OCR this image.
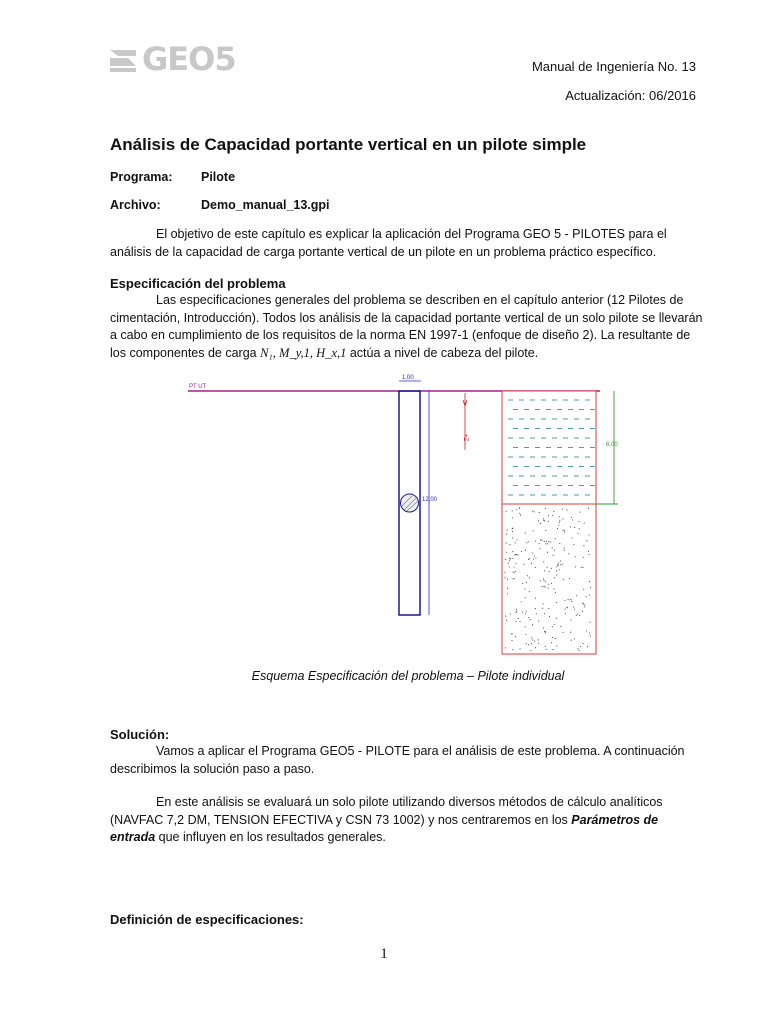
GEO5	Manual de Ingeniería No. 13
Actualización: 06/2016
Análisis de Capacidad portante vertical en un pilote simple
Programa: Pilote
Archivo:	Demo_manual_13.gpi
El objetivo de este capítulo es explicar la aplicación del Programa GEO 5 - PILOTES para el análisis de la capacidad de carga portante vertical de un pilote en un problema práctico específico.
Especificación del problema
Las especificaciones generales del problema se describen en el capítulo anterior (12 Pilotes de cimentación, Introducción). Todos los análisis de la capacidad portante vertical de un solo pilote se llevarán a cabo en cumplimiento de los requisitos de la norma EN 1997-1 (enfoque de diseño 2). La resultante de los componentes de carga N₁, M_y,1, H_x,1 actúa a nivel de cabeza del pilote.
PT UT
1,00
12,00
+Z
6,00
Esquema Especificación del problema – Pilote individual
Solución:
Vamos a aplicar el Programa GEO5 - PILOTE para el análisis de este problema. A continuación describimos la solución paso a paso.
En este análisis se evaluará un solo pilote utilizando diversos métodos de cálculo analíticos (NAVFAC 7,2 DM, TENSION EFECTIVA y CSN 73 1002) y nos centraremos en los Parámetros de entrada que influyen en los resultados generales.
Definición de especificaciones:
1
